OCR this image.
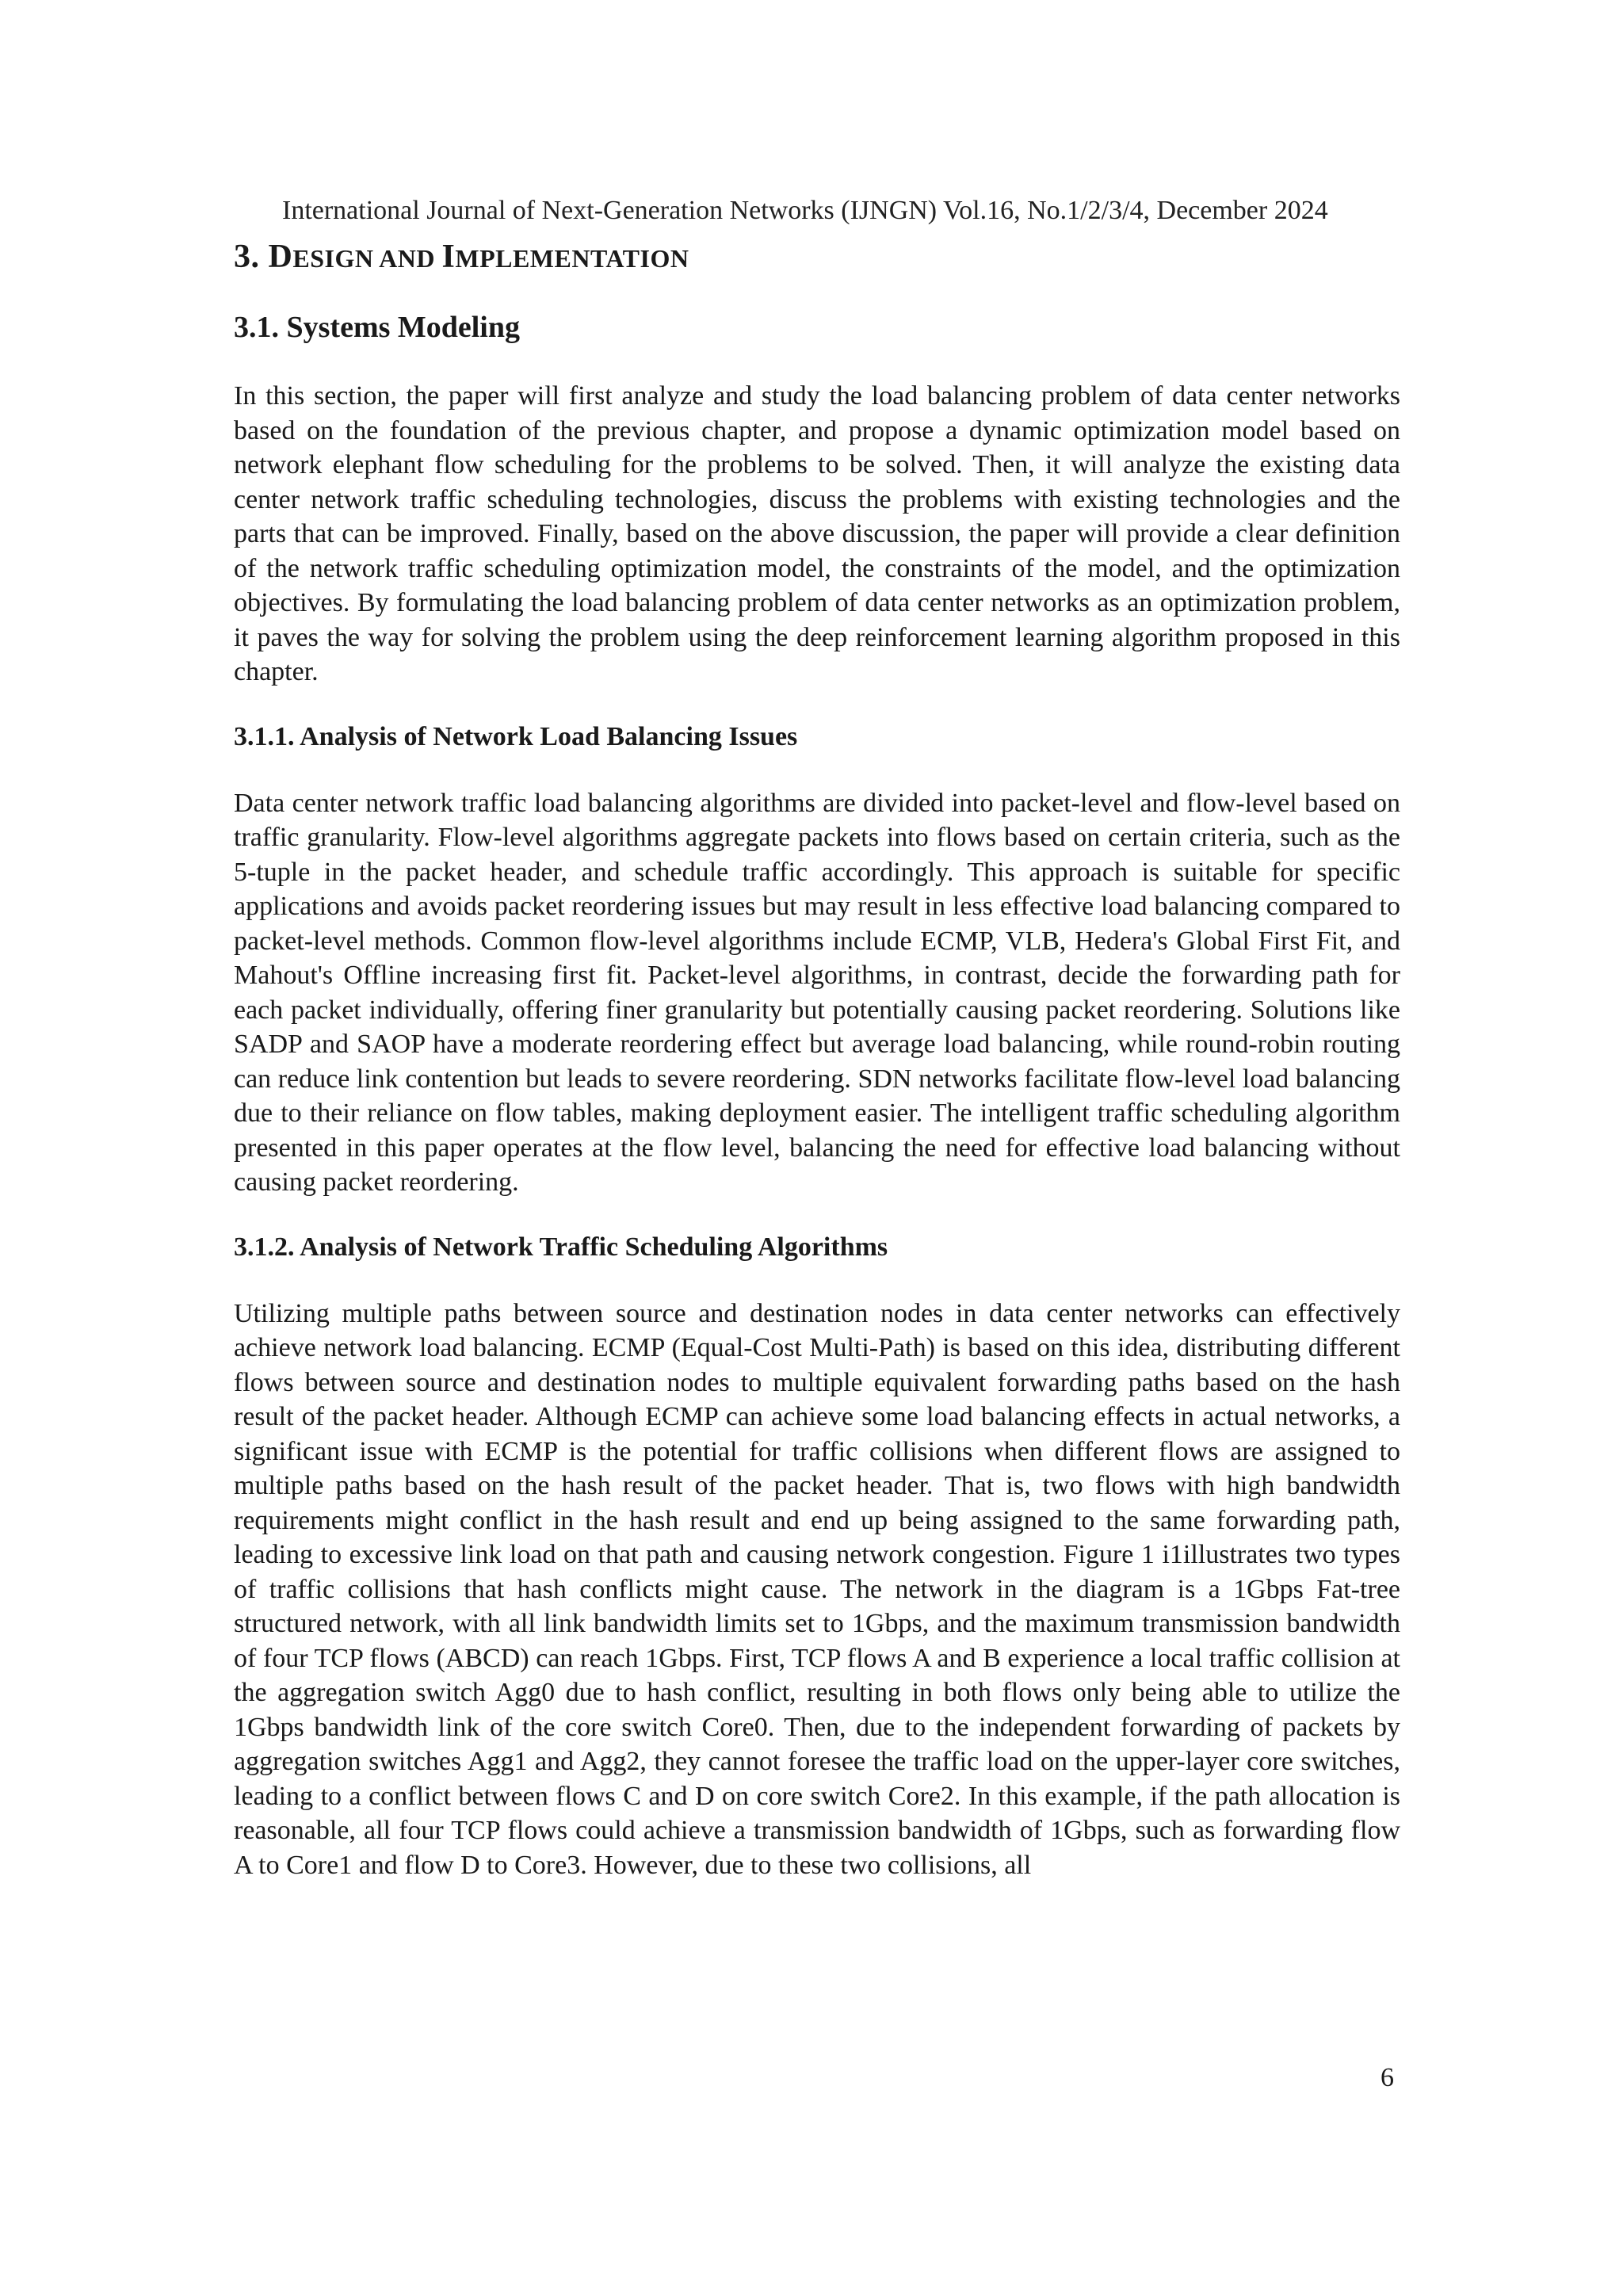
International Journal of Next-Generation Networks (IJNGN) Vol.16, No.1/2/3/4, December 2024
3. DESIGN AND IMPLEMENTATION
3.1. Systems Modeling

In this section, the paper will first analyze and study the load balancing problem of data center networks based on the foundation of the previous chapter, and propose a dynamic optimization model based on network elephant flow scheduling for the problems to be solved. Then, it will analyze the existing data center network traffic scheduling technologies, discuss the problems with existing technologies and the parts that can be improved. Finally, based on the above discussion, the paper will provide a clear definition of the network traffic scheduling optimization model, the constraints of the model, and the optimization objectives. By formulating the load balancing problem of data center networks as an optimization problem, it paves the way for solving the problem using the deep reinforcement learning algorithm proposed in this chapter.

3.1.1. Analysis of Network Load Balancing Issues

Data center network traffic load balancing algorithms are divided into packet-level and flow-level based on traffic granularity. Flow-level algorithms aggregate packets into flows based on certain criteria, such as the 5-tuple in the packet header, and schedule traffic accordingly. This approach is suitable for specific applications and avoids packet reordering issues but may result in less effective load balancing compared to packet-level methods. Common flow-level algorithms include ECMP, VLB, Hedera's Global First Fit, and Mahout's Offline increasing first fit. Packet-level algorithms, in contrast, decide the forwarding path for each packet individually, offering finer granularity but potentially causing packet reordering. Solutions like SADP and SAOP have a moderate reordering effect but average load balancing, while round-robin routing can reduce link contention but leads to severe reordering. SDN networks facilitate flow-level load balancing due to their reliance on flow tables, making deployment easier. The intelligent traffic scheduling algorithm presented in this paper operates at the flow level, balancing the need for effective load balancing without causing packet reordering.

3.1.2. Analysis of Network Traffic Scheduling Algorithms

Utilizing multiple paths between source and destination nodes in data center networks can effectively achieve network load balancing. ECMP (Equal-Cost Multi-Path) is based on this idea, distributing different flows between source and destination nodes to multiple equivalent forwarding paths based on the hash result of the packet header. Although ECMP can achieve some load balancing effects in actual networks, a significant issue with ECMP is the potential for traffic collisions when different flows are assigned to multiple paths based on the hash result of the packet header. That is, two flows with high bandwidth requirements might conflict in the hash result and end up being assigned to the same forwarding path, leading to excessive link load on that path and causing network congestion. Figure 1 i1illustrates two types of traffic collisions that hash conflicts might cause. The network in the diagram is a 1Gbps Fat-tree structured network, with all link bandwidth limits set to 1Gbps, and the maximum transmission bandwidth of four TCP flows (ABCD) can reach 1Gbps. First, TCP flows A and B experience a local traffic collision at the aggregation switch Agg0 due to hash conflict, resulting in both flows only being able to utilize the 1Gbps bandwidth link of the core switch Core0. Then, due to the independent forwarding of packets by aggregation switches Agg1 and Agg2, they cannot foresee the traffic load on the upper-layer core switches, leading to a conflict between flows C and D on core switch Core2. In this example, if the path allocation is reasonable, all four TCP flows could achieve a transmission bandwidth of 1Gbps, such as forwarding flow A to Core1 and flow D to Core3. However, due to these two collisions, all

6
